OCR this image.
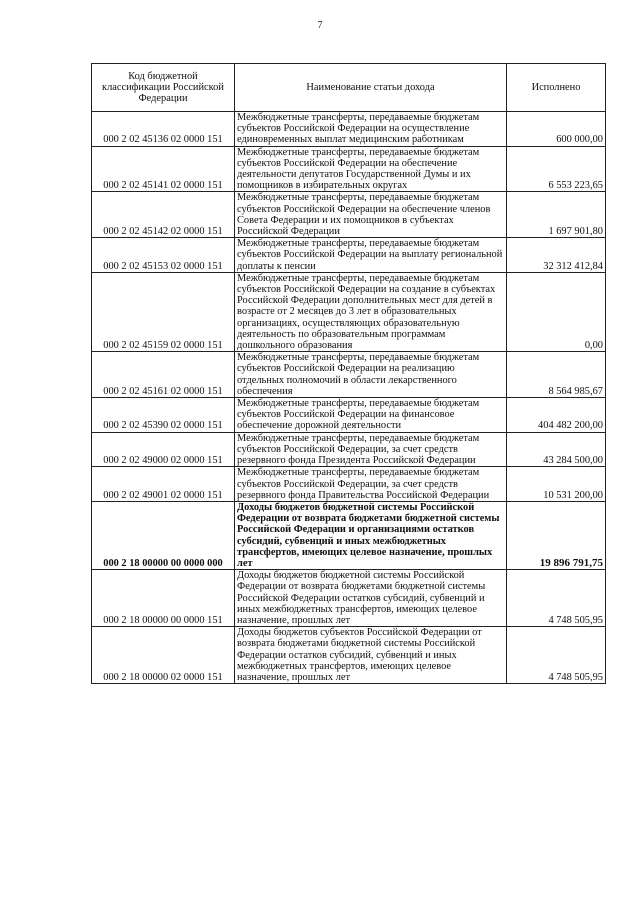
7
Код бюджетной классификации Российской Федерации	Наименование статьи дохода	Исполнено
000 2 02 45136 02 0000 151	Межбюджетные трансферты, передаваемые бюджетам субъектов Российской Федерации на осуществление единовременных выплат медицинским работникам	600 000,00
000 2 02 45141 02 0000 151	Межбюджетные трансферты, передаваемые бюджетам субъектов Российской Федерации на обеспечение деятельности депутатов Государственной Думы и их помощников в избирательных округах	6 553 223,65
000 2 02 45142 02 0000 151	Межбюджетные трансферты, передаваемые бюджетам субъектов Российской Федерации на обеспечение членов Совета Федерации и их помощников в субъектах Российской Федерации	1 697 901,80
000 2 02 45153 02 0000 151	Межбюджетные трансферты, передаваемые бюджетам субъектов Российской Федерации на выплату региональной доплаты к пенсии	32 312 412,84
000 2 02 45159 02 0000 151	Межбюджетные трансферты, передаваемые бюджетам субъектов Российской Федерации на создание в субъектах Российской Федерации дополнительных мест для детей в возрасте от 2 месяцев до 3 лет в образовательных организациях, осуществляющих образовательную деятельность по образовательным программам дошкольного образования	0,00
000 2 02 45161 02 0000 151	Межбюджетные трансферты, передаваемые бюджетам субъектов Российской Федерации на реализацию отдельных полномочий в области лекарственного обеспечения	8 564 985,67
000 2 02 45390 02 0000 151	Межбюджетные трансферты, передаваемые бюджетам субъектов Российской Федерации на финансовое обеспечение дорожной деятельности	404 482 200,00
000 2 02 49000 02 0000 151	Межбюджетные трансферты, передаваемые бюджетам субъектов Российской Федерации, за счет средств резервного фонда Президента Российской Федерации	43 284 500,00
000 2 02 49001 02 0000 151	Межбюджетные трансферты, передаваемые бюджетам субъектов Российской Федерации, за счет средств резервного фонда Правительства Российской Федерации	10 531 200,00
000 2 18 00000 00 0000 000	Доходы бюджетов бюджетной системы Российской Федерации от возврата бюджетами бюджетной системы Российской Федерации и организациями остатков субсидий, субвенций и иных межбюджетных трансфертов, имеющих целевое назначение, прошлых лет	19 896 791,75
000 2 18 00000 00 0000 151	Доходы бюджетов бюджетной системы Российской Федерации от возврата бюджетами бюджетной системы Российской Федерации остатков субсидий, субвенций и иных межбюджетных трансфертов, имеющих целевое назначение, прошлых лет	4 748 505,95
000 2 18 00000 02 0000 151	Доходы бюджетов субъектов Российской Федерации от возврата бюджетами бюджетной системы Российской Федерации остатков субсидий, субвенций и иных межбюджетных трансфертов, имеющих целевое назначение, прошлых лет	4 748 505,95
